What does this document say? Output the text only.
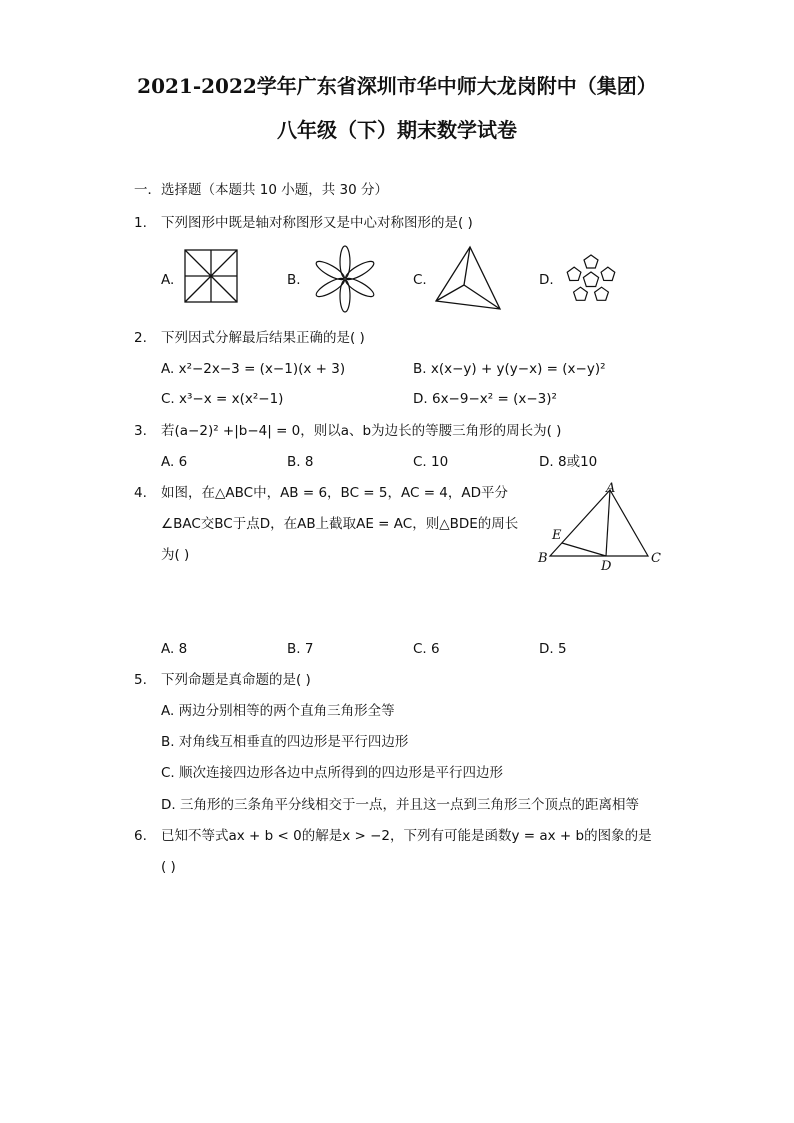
2021-2022学年广东省深圳市华中师大龙岗附中（集团）
八年级（下）期末数学试卷
一．选择题（本题共 10 小题，共 30 分）
1. 下列图形中既是轴对称图形又是中心对称图形的是( )
A.	B.	C.	D.
2. 下列因式分解最后结果正确的是( )
A. x²−2x−3 = (x−1)(x + 3)	B. x(x−y) + y(y−x) = (x−y)²
C. x³−x = x(x²−1)	D. 6x−9−x² = (x−3)²
3. 若(a−2)² +|b−4| = 0，则以a、b为边长的等腰三角形的周长为( )
A. 6	B. 8	C. 10	D. 8或10
4. 如图，在△ABC中，AB = 6，BC = 5，AC = 4，AD平分
∠BAC交BC于点D，在AB上截取AE = AC，则△BDE的周长
为( )
A
E
B
D
C
A. 8	B. 7	C. 6	D. 5
5. 下列命题是真命题的是( )
A. 两边分别相等的两个直角三角形全等
B. 对角线互相垂直的四边形是平行四边形
C. 顺次连接四边形各边中点所得到的四边形是平行四边形
D. 三角形的三条角平分线相交于一点，并且这一点到三角形三个顶点的距离相等
6. 已知不等式ax + b < 0的解是x > −2，下列有可能是函数y = ax + b的图象的是
( )
